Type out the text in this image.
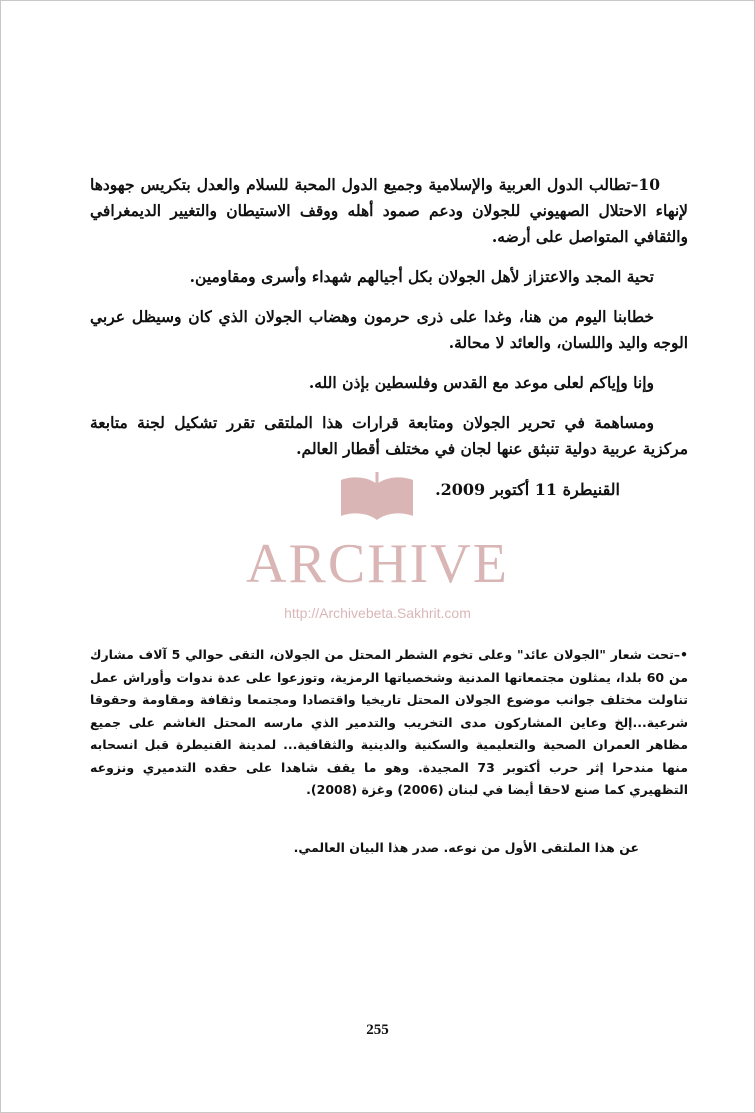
10–تطالب الدول العربية والإسلامية وجميع الدول المحبة للسلام والعدل بتكريس جهودها لإنهاء الاحتلال الصهيوني للجولان ودعم صمود أهله ووقف الاستيطان والتغيير الديمغرافي والثقافي المتواصل على أرضه.

تحية المجد والاعتزاز لأهل الجولان بكل أجيالهم شهداء وأسرى ومقاومين.

خطابنا اليوم من هنا، وغدا على ذرى حرمون وهضاب الجولان الذي كان وسيظل عربي الوجه واليد واللسان، والعائد لا محالة.

وإنا وإياكم لعلى موعد مع القدس وفلسطين بإذن الله.

ومساهمة في تحرير الجولان ومتابعة قرارات هذا الملتقى تقرر تشكيل لجنة متابعة مركزية عربية دولية تنبثق عنها لجان في مختلف أقطار العالم.

القنيطرة 11 أكتوبر 2009.

ARCHIVE
http://Archivebeta.Sakhrit.com
•–تحت شعار "الجولان عائد" وعلى تخوم الشطر المحتل من الجولان، التقى حوالي 5 آلاف مشارك من 60 بلدا، يمثلون مجتمعاتها المدنية وشخصياتها الرمزية، وتوزعوا على عدة ندوات وأوراش عمل تناولت مختلف جوانب موضوع الجولان المحتل تاريخيا واقتصادا ومجتمعا وثقافة ومقاومة وحقوقا شرعية...إلخ وعاين المشاركون مدى التخريب والتدمير الذي مارسه المحتل الغاشم على جميع مظاهر العمران الصحية والتعليمية والسكنية والدينية والثقافية... لمدينة القنيطرة قبل انسحابه منها مندحرا إثر حرب أكتوبر 73 المجيدة. وهو ما يقف شاهدا على حقده التدميري ونزوعه التظهيري كما صنع لاحقا أيضا في لبنان (2006) وغزة (2008).
عن هذا الملتقى الأول من نوعه. صدر هذا البيان العالمي.
255
